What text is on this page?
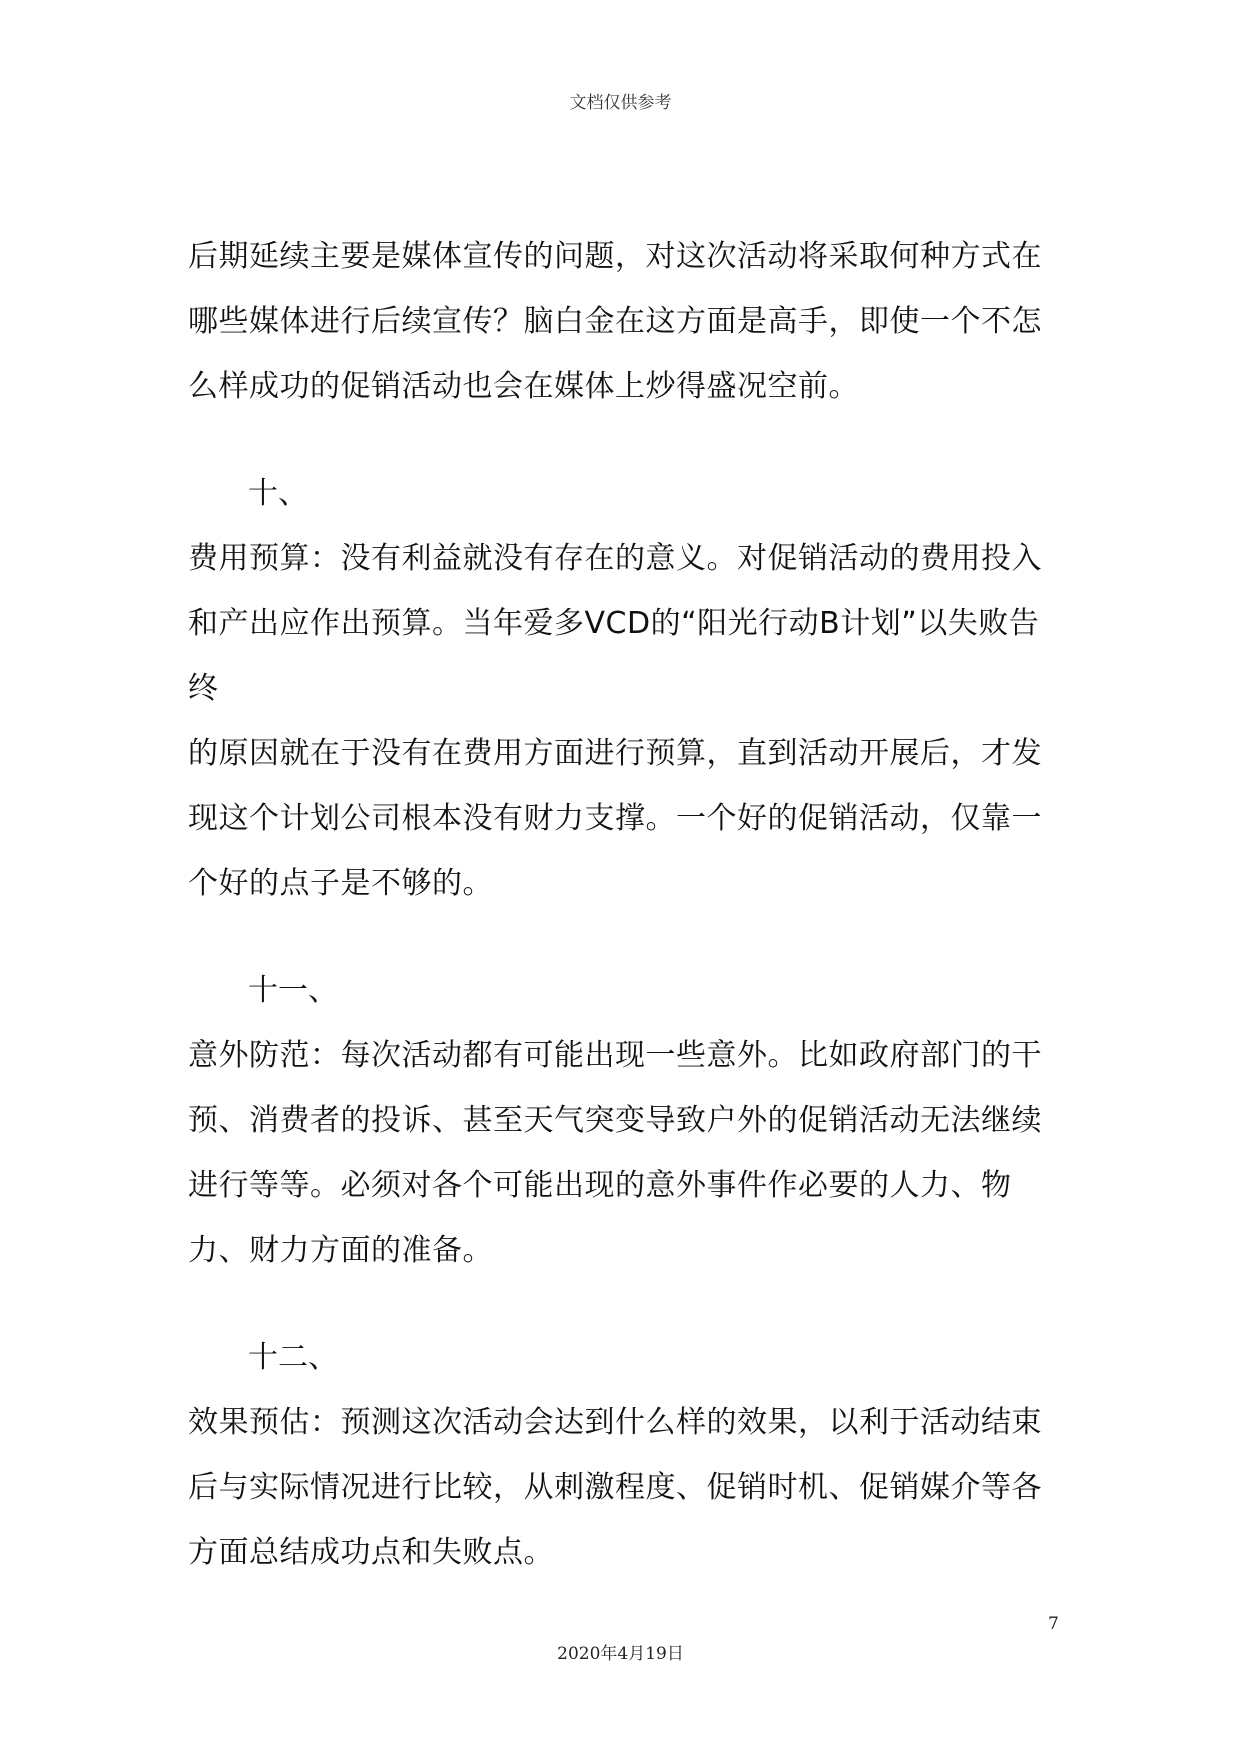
文档仅供参考

后期延续主要是媒体宣传的问题，对这次活动将采取何种方式在

哪些媒体进行后续宣传？脑白金在这方面是高手，即使一个不怎

么样成功的促销活动也会在媒体上炒得盛况空前。

十、

费用预算：没有利益就没有存在的意义。对促销活动的费用投入

和产出应作出预算。当年爱多VCD的“阳光行动B计划”以失败告终

的原因就在于没有在费用方面进行预算，直到活动开展后，才发

现这个计划公司根本没有财力支撑。一个好的促销活动，仅靠一

个好的点子是不够的。

十一、

意外防范：每次活动都有可能出现一些意外。比如政府部门的干

预、消费者的投诉、甚至天气突变导致户外的促销活动无法继续

进行等等。必须对各个可能出现的意外事件作必要的人力、物

力、财力方面的准备。

十二、

效果预估：预测这次活动会达到什么样的效果，以利于活动结束

后与实际情况进行比较，从刺激程度、促销时机、促销媒介等各

方面总结成功点和失败点。

7
2020年4月19日
